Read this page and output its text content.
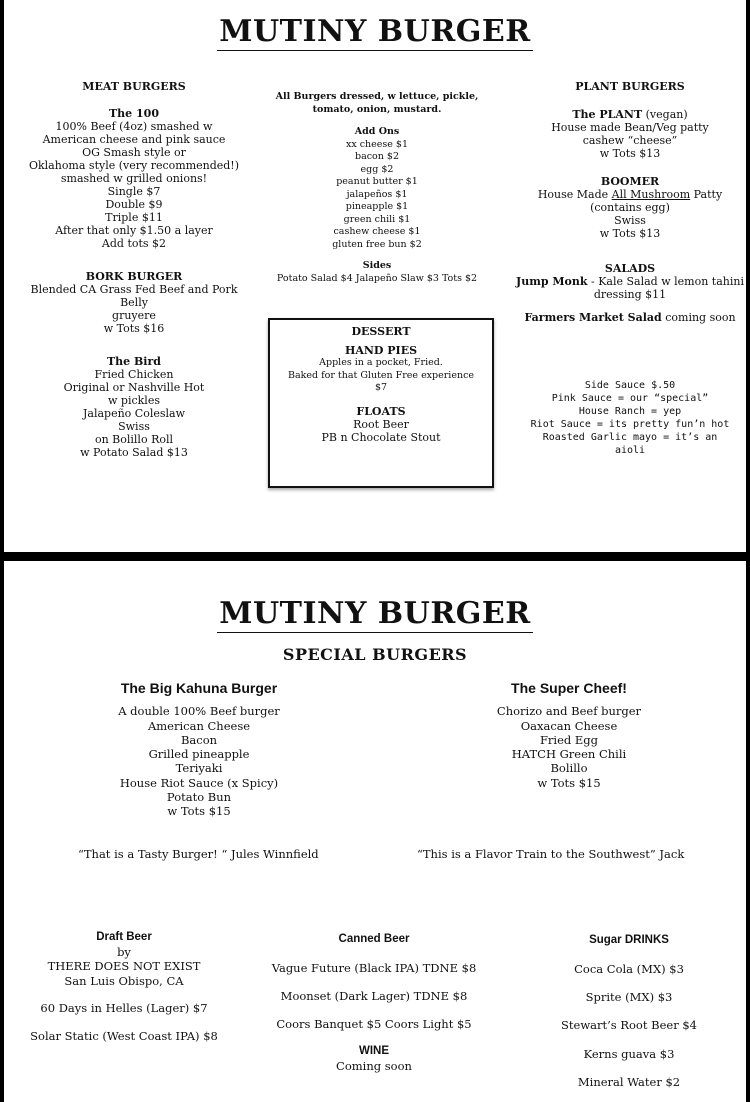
MUTINY BURGER
MEAT BURGERS
The 100
100% Beef (4oz) smashed w
American cheese and pink sauce
OG Smash style or
Oklahoma style (very recommended!)
smashed w grilled onions!
Single $7
Double $9
Triple $11
After that only $1.50 a layer
Add tots $2
BORK BURGER
Blended CA Grass Fed Beef and Pork
Belly
gruyere
w Tots $16
The Bird
Fried Chicken
Original or Nashville Hot
w pickles
Jalapeño Coleslaw
Swiss
on Bolillo Roll
w Potato Salad $13
All Burgers dressed, w lettuce, pickle,
tomato, onion, mustard.
Add Ons
xx cheese $1
bacon $2
egg $2
peanut butter $1
jalapeños $1
pineapple $1
green chili $1
cashew cheese $1
gluten free bun $2
Sides
Potato Salad $4 Jalapeño Slaw $3 Tots $2
DESSERT
HAND PIES
Apples in a pocket, Fried.
Baked for that Gluten Free experience
$7
FLOATS
Root Beer
PB n Chocolate Stout
PLANT BURGERS
The PLANT (vegan)
House made Bean/Veg patty
cashew “cheese”
w Tots $13
BOOMER
House Made All Mushroom Patty
(contains egg)
Swiss
w Tots $13
SALADS
Jump Monk - Kale Salad w lemon tahini
dressing $11
Farmers Market Salad coming soon
Side Sauce $.50
Pink Sauce = our “special”
House Ranch = yep
Riot Sauce = its pretty fun’n hot
Roasted Garlic mayo = it’s an
aioli
MUTINY BURGER
SPECIAL BURGERS
The Big Kahuna Burger
A double 100% Beef burger
American Cheese
Bacon
Grilled pineapple
Teriyaki
House Riot Sauce (x Spicy)
Potato Bun
w Tots $15
The Super Cheef!
Chorizo and Beef burger
Oaxacan Cheese
Fried Egg
HATCH Green Chili
Bolillo
w Tots $15
“That is a Tasty Burger! “ Jules Winnfield	“This is a Flavor Train to the Southwest” Jack
Draft Beer
by
THERE DOES NOT EXIST
San Luis Obispo, CA
60 Days in Helles (Lager) $7
Solar Static (West Coast IPA) $8
Canned Beer
Vague Future (Black IPA) TDNE $8
Moonset (Dark Lager) TDNE $8
Coors Banquet $5 Coors Light $5
WINE
Coming soon
Sugar DRINKS
Coca Cola (MX) $3
Sprite (MX) $3
Stewart’s Root Beer $4
Kerns guava $3
Mineral Water $2
